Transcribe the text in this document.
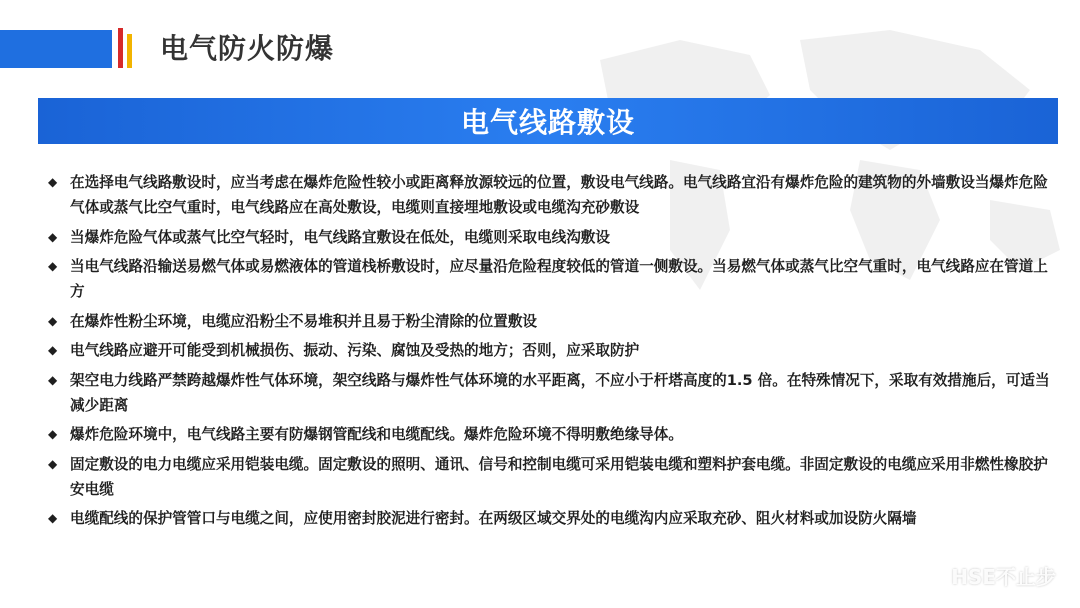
电气防火防爆
电气线路敷设
◆ 在选择电气线路敷设时，应当考虑在爆炸危险性较小或距离释放源较远的位置，敷设电气线路。电气线路宜沿有爆炸危险的建筑物的外墙敷设当爆炸危险气体或蒸气比空气重时，电气线路应在高处敷设，电缆则直接埋地敷设或电缆沟充砂敷设
◆ 当爆炸危险气体或蒸气比空气轻时，电气线路宜敷设在低处，电缆则采取电线沟敷设
◆ 当电气线路沿输送易燃气体或易燃液体的管道栈桥敷设时，应尽量沿危险程度较低的管道一侧敷设。当易燃气体或蒸气比空气重时，电气线路应在管道上方
◆ 在爆炸性粉尘环境，电缆应沿粉尘不易堆积并且易于粉尘清除的位置敷设
◆ 电气线路应避开可能受到机械损伤、振动、污染、腐蚀及受热的地方；否则，应采取防护
◆ 架空电力线路严禁跨越爆炸性气体环境，架空线路与爆炸性气体环境的水平距离，不应小于杆塔高度的1.5 倍。在特殊情况下，采取有效措施后，可适当减少距离
◆ 爆炸危险环境中，电气线路主要有防爆钢管配线和电缆配线。爆炸危险环境不得明敷绝缘导体。
◆ 固定敷设的电力电缆应采用铠装电缆。固定敷设的照明、通讯、信号和控制电缆可采用铠装电缆和塑料护套电缆。非固定敷设的电缆应采用非燃性橡胶护安电缆
◆ 电缆配线的保护管管口与电缆之间，应使用密封胶泥进行密封。在两级区域交界处的电缆沟内应采取充砂、阻火材料或加设防火隔墙
HSE不止步
